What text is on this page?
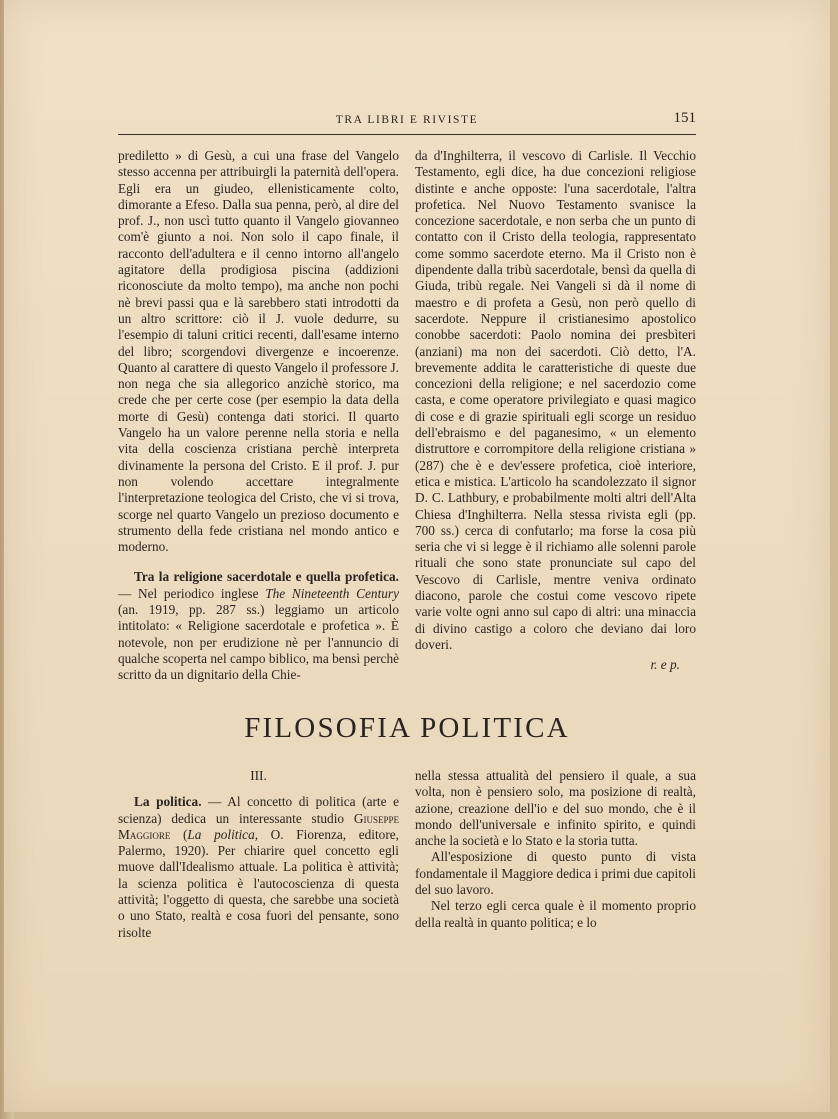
TRA LIBRI E RIVISTE	151

prediletto » di Gesù, a cui una frase del Vangelo stesso accenna per attribuirgli la paternità dell'opera. Egli era un giudeo, ellenisticamente colto, dimorante a Efeso. Dalla sua penna, però, al dire del prof. J., non uscì tutto quanto il Vangelo giovanneo com'è giunto a noi. Non solo il capo finale, il racconto dell'adultera e il cenno intorno all'angelo agitatore della prodigiosa piscina (addizioni riconosciute da molto tempo), ma anche non pochi nè brevi passi qua e là sarebbero stati introdotti da un altro scrittore: ciò il J. vuole dedurre, su l'esempio di taluni critici recenti, dall'esame interno del libro; scorgendovi divergenze e incoerenze. Quanto al carattere di questo Vangelo il professore J. non nega che sia allegorico anzichè storico, ma crede che per certe cose (per esempio la data della morte di Gesù) contenga dati storici. Il quarto Vangelo ha un valore perenne nella storia e nella vita della coscienza cristiana perchè interpreta divinamente la persona del Cristo. E il prof. J. pur non volendo accettare integralmente l'interpretazione teologica del Cristo, che vi si trova, scorge nel quarto Vangelo un prezioso documento e strumento della fede cristiana nel mondo antico e moderno.

Tra la religione sacerdotale e quella profetica. — Nel periodico inglese The Nineteenth Century (an. 1919, pp. 287 ss.) leggiamo un articolo intitolato: « Religione sacerdotale e profetica ». È notevole, non per erudizione nè per l'annuncio di qualche scoperta nel campo biblico, ma bensì perchè scritto da un dignitario della Chie-

da d'Inghilterra, il vescovo di Carlisle. Il Vecchio Testamento, egli dice, ha due concezioni religiose distinte e anche opposte: l'una sacerdotale, l'altra profetica. Nel Nuovo Testamento svanisce la concezione sacerdotale, e non serba che un punto di contatto con il Cristo della teologia, rappresentato come sommo sacerdote eterno. Ma il Cristo non è dipendente dalla tribù sacerdotale, bensì da quella di Giuda, tribù regale. Nei Vangeli si dà il nome di maestro e di profeta a Gesù, non però quello di sacerdote. Neppure il cristianesimo apostolico conobbe sacerdoti: Paolo nomina dei presbìteri (anziani) ma non dei sacerdoti. Ciò detto, l'A. brevemente addita le caratteristiche di queste due concezioni della religione; e nel sacerdozio come casta, e come operatore privilegiato e quasi magico di cose e di grazie spirituali egli scorge un residuo dell'ebraismo e del paganesimo, « un elemento distruttore e corrompitore della religione cristiana » (287) che è e dev'essere profetica, cioè interiore, etica e mistica. L'articolo ha scandolezzato il signor D. C. Lathbury, e probabilmente molti altri dell'Alta Chiesa d'Inghilterra. Nella stessa rivista egli (pp. 700 ss.) cerca di confutarlo; ma forse la cosa più seria che vi si legge è il richiamo alle solenni parole rituali che sono state pronunciate sul capo del Vescovo di Carlisle, mentre veniva ordinato diacono, parole che costui come vescovo ripete varie volte ogni anno sul capo di altri: una minaccia di divino castigo a coloro che deviano dai loro doveri.

r. e p.
FILOSOFIA POLITICA
III.

La politica. — Al concetto di politica (arte e scienza) dedica un interessante studio Giuseppe Maggiore (La politica, O. Fiorenza, editore, Palermo, 1920). Per chiarire quel concetto egli muove dall'Idealismo attuale. La politica è attività; la scienza politica è l'autocoscienza di questa attività; l'oggetto di questa, che sarebbe una società o uno Stato, realtà e cosa fuori del pensante, sono risolte

nella stessa attualità del pensiero il quale, a sua volta, non è pensiero solo, ma posizione di realtà, azione, creazione dell'io e del suo mondo, che è il mondo dell'universale e infinito spirito, e quindi anche la società e lo Stato e la storia tutta.

All'esposizione di questo punto di vista fondamentale il Maggiore dedica i primi due capitoli del suo lavoro.

Nel terzo egli cerca quale è il momento proprio della realtà in quanto politica; e lo
